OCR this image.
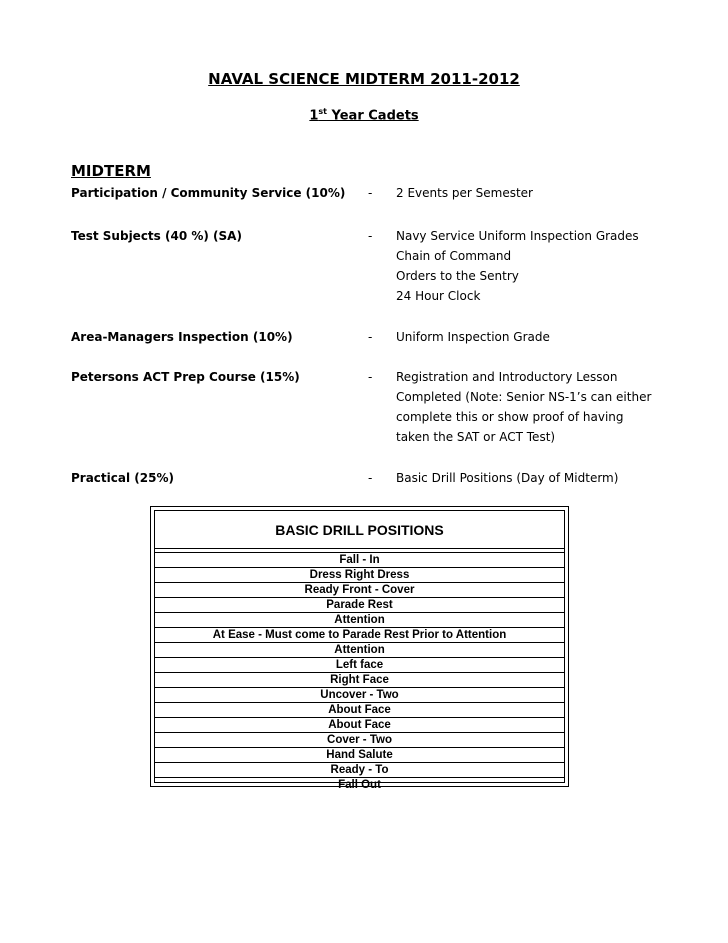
NAVAL SCIENCE MIDTERM 2011-2012
1st Year Cadets
MIDTERM
Participation / Community Service (10%) - 2 Events per Semester
Test Subjects (40 %) (SA)	- Navy Service Uniform Inspection Grades
Chain of Command
Orders to the Sentry
24 Hour Clock
Area-Managers Inspection (10%)	- Uniform Inspection Grade
Petersons ACT Prep Course (15%)	- Registration and Introductory Lesson
Completed (Note: Senior NS-1’s can either
complete this or show proof of having
taken the SAT or ACT Test)
Practical (25%)	- Basic Drill Positions (Day of Midterm)
BASIC DRILL POSITIONS
Fall - In
Dress Right Dress
Ready Front - Cover
Parade Rest
Attention
At Ease - Must come to Parade Rest Prior to Attention
Attention
Left face
Right Face
Uncover - Two
About Face
About Face
Cover - Two
Hand Salute
Ready - To
Fall Out
